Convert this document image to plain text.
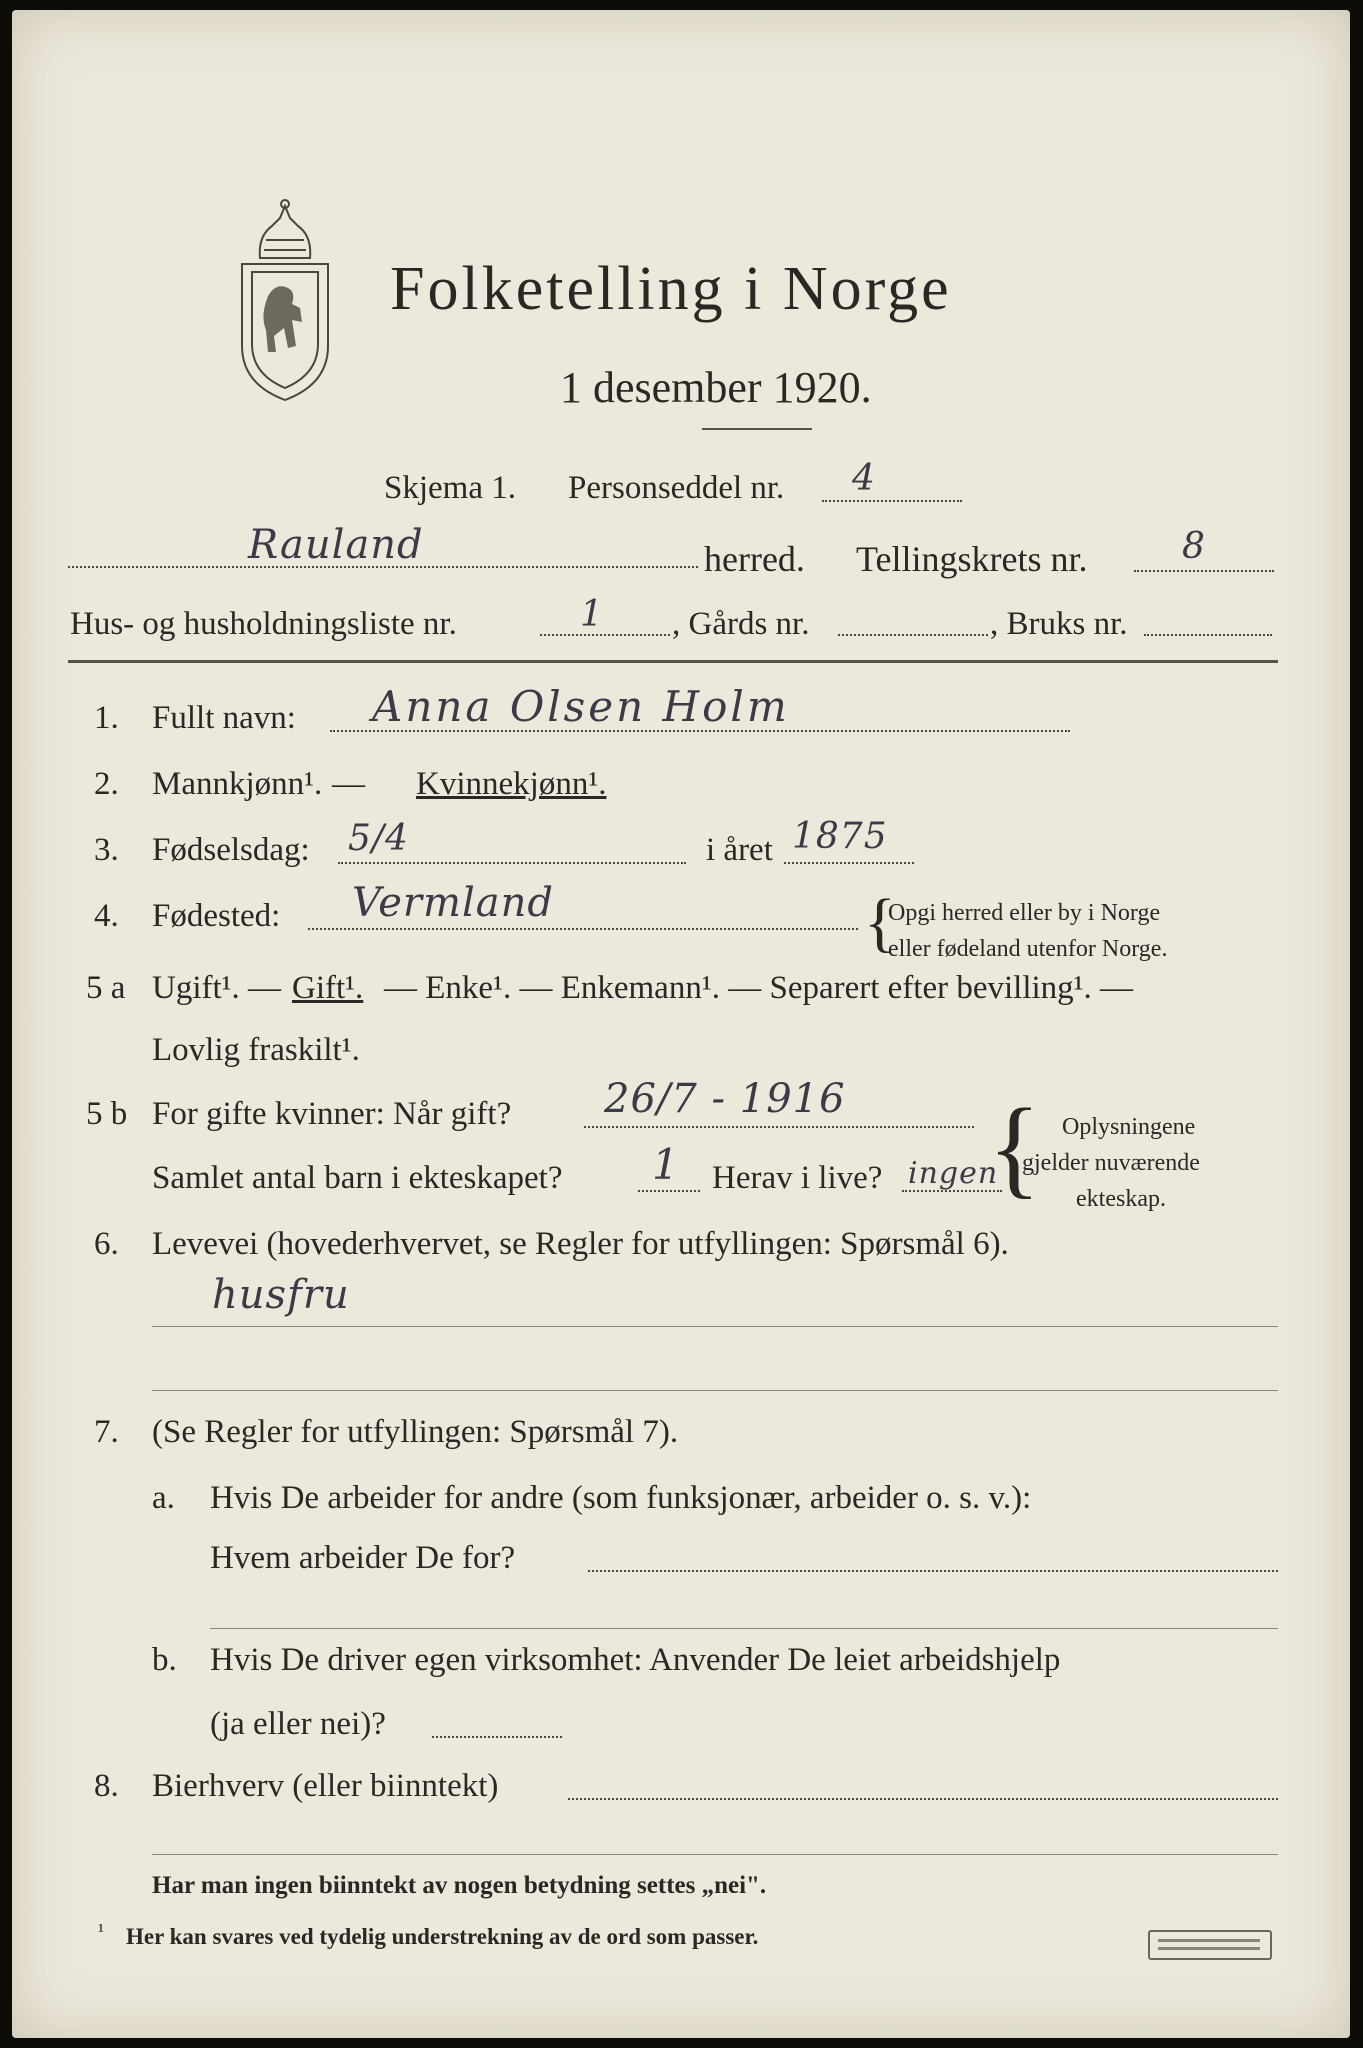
Folketelling i Norge
1 desember 1920.
Skjema 1. Personseddel nr. 4
Rauland	herred. Tellingskrets nr.	8
Hus- og husholdningsliste nr.	1 , Gårds nr.	, Bruks nr.
1. Fullt navn: Anna Olsen Holm
2. Mannkjønn¹. — Kvinnekjønn¹.
3. Fødselsdag: 5/4	i året 1875
4. Fødested: Vermland	{
Opgi herred eller by i Norge
eller fødeland utenfor Norge.
5 a Ugift¹. — Gift¹. — Enke¹. — Enkemann¹. — Separert efter bevilling¹. —
Lovlig fraskilt¹.
5 b For gifte kvinner: Når gift? 26/7 - 1916
Samlet antal barn i ekteskapet? 1 Herav i live? ingen
{ Oplysningene
gjelder nuværende
ekteskap.
6. Levevei (hovederhvervet, se Regler for utfyllingen: Spørsmål 6).
husfru
7. (Se Regler for utfyllingen: Spørsmål 7).
a. Hvis De arbeider for andre (som funksjonær, arbeider o. s. v.):
Hvem arbeider De for?
b. Hvis De driver egen virksomhet: Anvender De leiet arbeidshjelp
(ja eller nei)?
8. Bierhverv (eller biinntekt)
Har man ingen biinntekt av nogen betydning settes „nei".
¹ Her kan svares ved tydelig understrekning av de ord som passer.
